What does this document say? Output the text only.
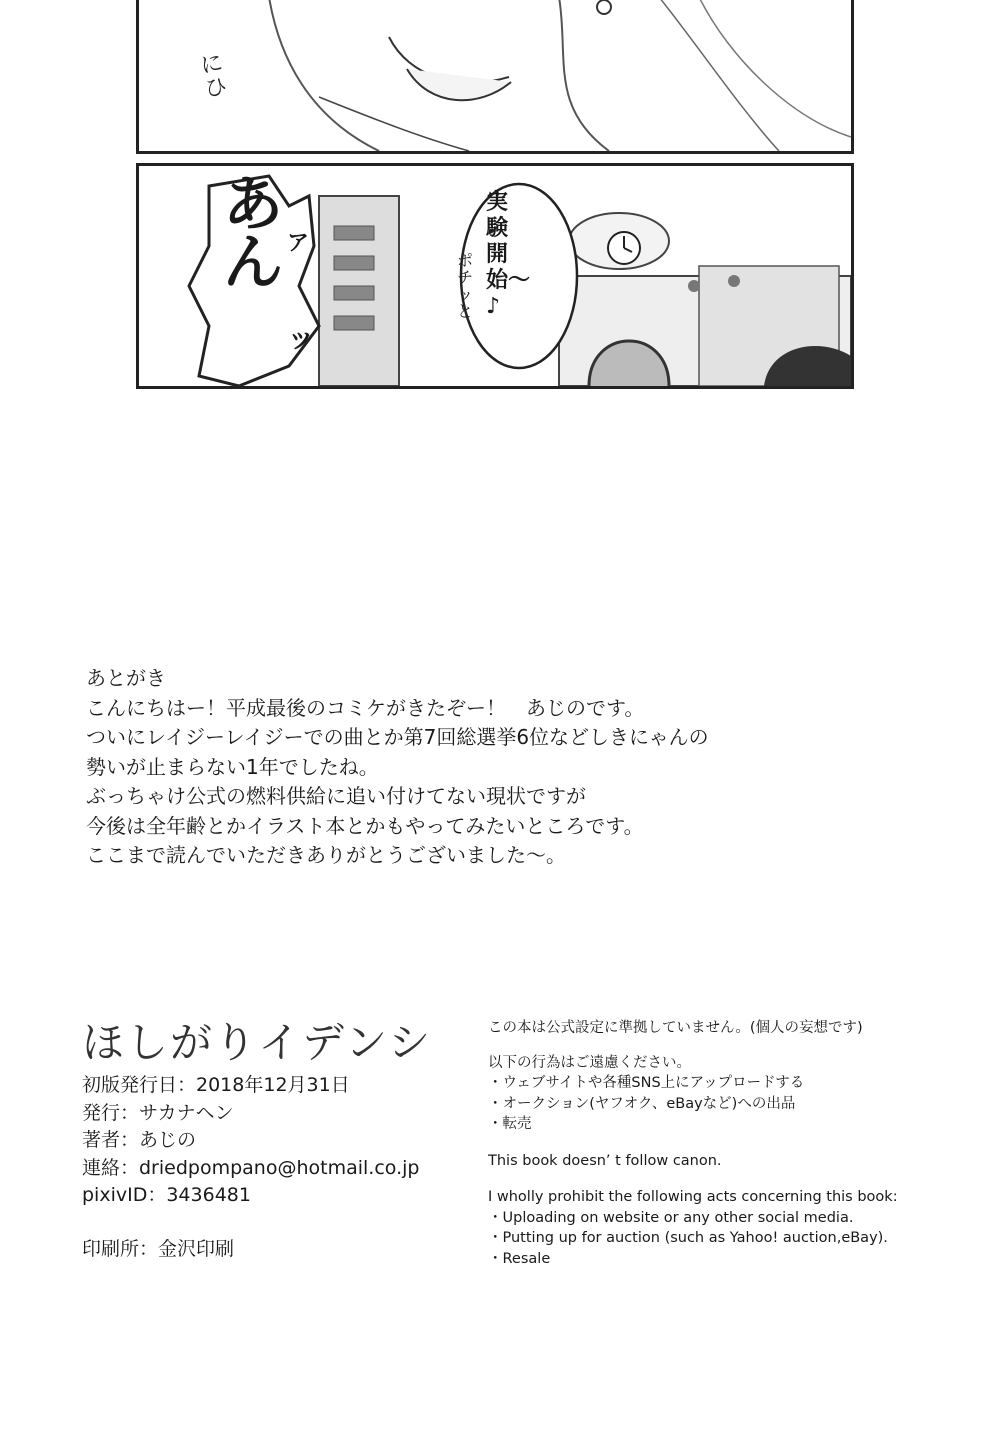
にひ
実験開始〜♪
ポチッと
あん ア
ッ
あとがき
こんにちはー！平成最後のコミケがきたぞー！　あじのです。
ついにレイジーレイジーでの曲とか第7回総選挙6位などしきにゃんの
勢いが止まらない1年でしたね。
ぶっちゃけ公式の燃料供給に追い付けてない現状ですが
今後は全年齢とかイラスト本とかもやってみたいところです。
ここまで読んでいただきありがとうございました〜。
ほしがりイデンシ
初版発行日：2018年12月31日
発行：サカナヘン
著者：あじの
連絡：driedpompano@hotmail.co.jp
pixivID：3436481
印刷所：金沢印刷
この本は公式設定に準拠していません。(個人の妄想です)
以下の行為はご遠慮ください。
・ウェブサイトや各種SNS上にアップロードする
・オークション(ヤフオク、eBayなど)への出品
・転売
This book doesn’ t follow canon.
I wholly prohibit the following acts concerning this book:
・Uploading on website or any other social media.
・Putting up for auction (such as Yahoo! auction,eBay).
・Resale
